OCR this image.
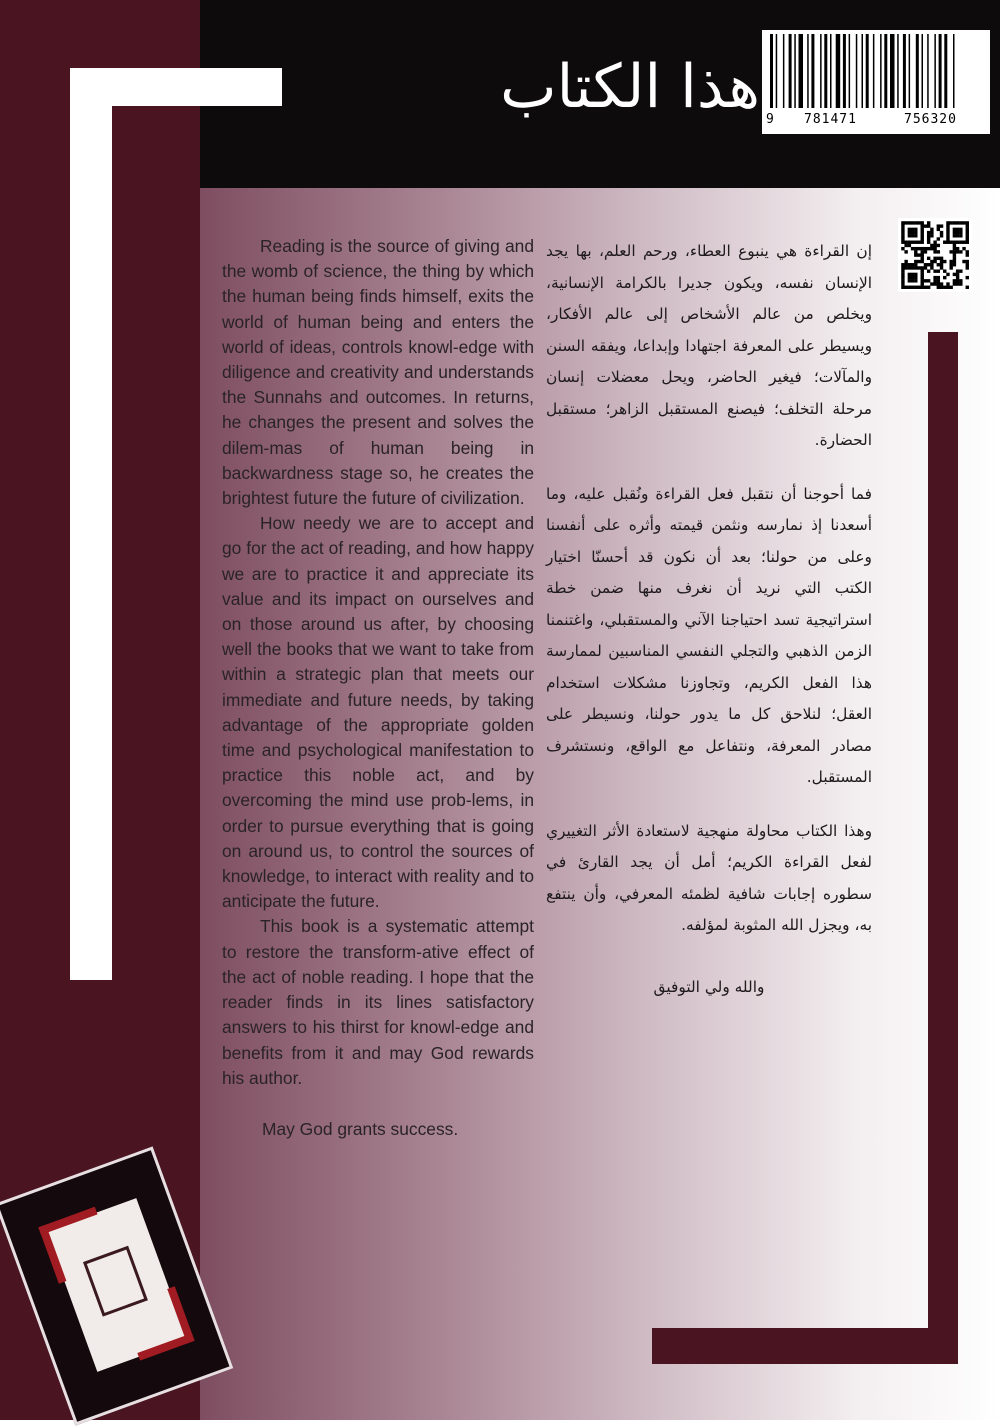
هذا الكتاب 9 781471	756320

Reading is the source of giving and the womb of science, the thing by which the human being finds himself, exits the world of human being and enters the world of ideas, controls knowl-edge with diligence and creativity and understands the Sunnahs and outcomes. In returns, he changes the present and solves the dilem-mas of human being in backwardness stage so, he creates the brightest future the future of civilization.

How needy we are to accept and go for the act of reading, and how happy we are to practice it and appreciate its value and its impact on ourselves and on those around us after, by choosing well the books that we want to take from within a strategic plan that meets our immediate and future needs, by taking advantage of the appropriate golden time and psychological manifestation to practice this noble act, and by overcoming the mind use prob-lems, in order to pursue everything that is going on around us, to control the sources of knowledge, to interact with reality and to anticipate the future.

This book is a systematic attempt to restore the transform-ative effect of the act of noble reading. I hope that the reader finds in its lines satisfactory answers to his thirst for knowl-edge and benefits from it and may God rewards his author.

May God grants success.

إن القراءة هي ينبوع العطاء، ورحم العلم، بها يجد الإنسان نفسه، ويكون جديرا بالكرامة الإنسانية، ويخلص من عالم الأشخاص إلى عالم الأفكار، ويسيطر على المعرفة اجتهادا وإبداعا، ويفقه السنن والمآلات؛ فيغير الحاضر، ويحل معضلات إنسان مرحلة التخلف؛ فيصنع المستقبل الزاهر؛ مستقبل الحضارة.

فما أحوجنا أن نتقبل فعل القراءة ونُقبل عليه، وما أسعدنا إذ نمارسه ونثمن قيمته وأثره على أنفسنا وعلى من حولنا؛ بعد أن نكون قد أحسنّا اختيار الكتب التي نريد أن نغرف منها ضمن خطة استراتيجية تسد احتياجنا الآني والمستقبلي، واغتنمنا الزمن الذهبي والتجلي النفسي المناسبين لممارسة هذا الفعل الكريم، وتجاوزنا مشكلات استخدام العقل؛ لنلاحق كل ما يدور حولنا، ونسيطر على مصادر المعرفة، ونتفاعل مع الواقع، ونستشرف المستقبل.

وهذا الكتاب محاولة منهجية لاستعادة الأثر التغييري لفعل القراءة الكريم؛ أمل أن يجد القارئ في سطوره إجابات شافية لظمئه المعرفي، وأن ينتفع به، ويجزل الله المثوبة لمؤلفه.

والله ولي التوفيق
